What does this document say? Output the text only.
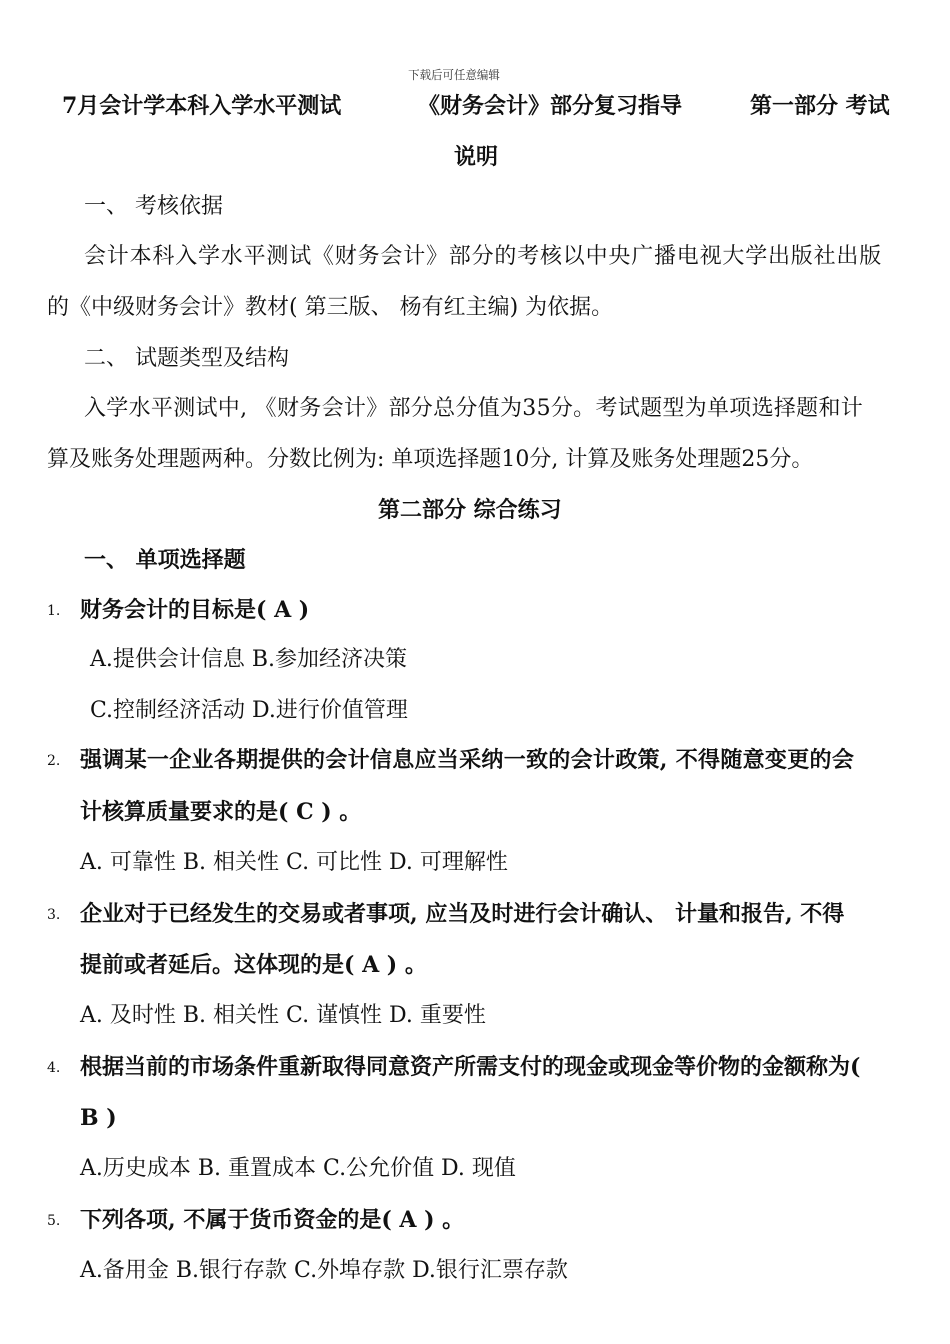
下载后可任意编辑
7月会计学本科入学水平测试	《财务会计》部分复习指导	第一部分 考试
说明
一、 考核依据
会计本科入学水平测试《财务会计》部分的考核以中央广播电视大学出版社出版
的《中级财务会计》教材( 第三版、 杨有红主编) 为依据。
二、 试题类型及结构
入学水平测试中, 《财务会计》部分总分值为35分。考试题型为单项选择题和计
算及账务处理题两种。分数比例为: 单项选择题10分, 计算及账务处理题25分。
第二部分 综合练习
一、 单项选择题
1. 财务会计的目标是( A )
A.提供会计信息 B.参加经济决策
C.控制经济活动 D.进行价值管理
2. 强调某一企业各期提供的会计信息应当采纳一致的会计政策, 不得随意变更的会
计核算质量要求的是( C ) 。
A. 可靠性 B. 相关性 C. 可比性 D. 可理解性
3. 企业对于已经发生的交易或者事项, 应当及时进行会计确认、 计量和报告, 不得
提前或者延后。这体现的是( A ) 。
A. 及时性 B. 相关性 C. 谨慎性 D. 重要性
4. 根据当前的市场条件重新取得同意资产所需支付的现金或现金等价物的金额称为(
B )
A.历史成本 B. 重置成本 C.公允价值 D. 现值
5. 下列各项, 不属于货币资金的是( A ) 。
A.备用金 B.银行存款 C.外埠存款 D.银行汇票存款
